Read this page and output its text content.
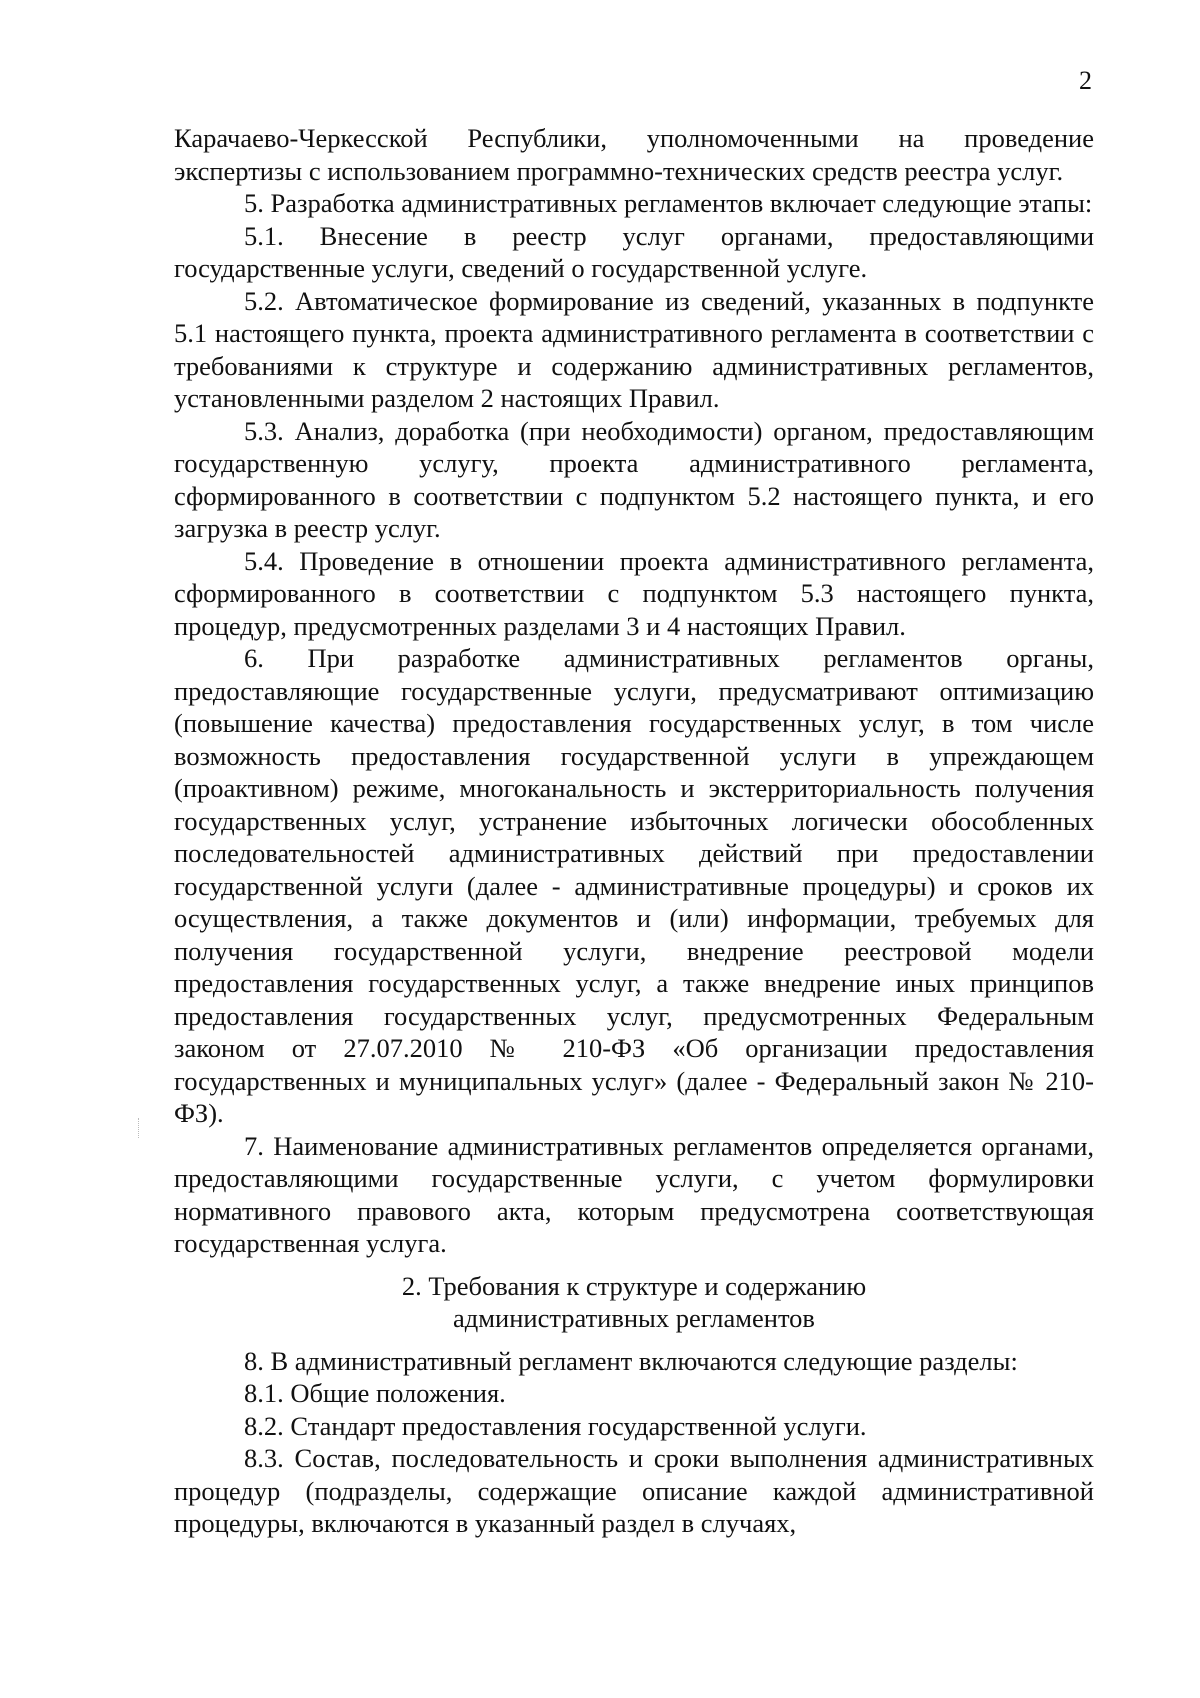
2

Карачаево-Черкесской Республики, уполномоченными на проведение экспертизы с использованием программно-технических средств реестра услуг.

5. Разработка административных регламентов включает следующие этапы:

5.1. Внесение в реестр услуг органами, предоставляющими государственные услуги, сведений о государственной услуге.

5.2. Автоматическое формирование из сведений, указанных в подпункте 5.1 настоящего пункта, проекта административного регламента в соответствии с требованиями к структуре и содержанию административных регламентов, установленными разделом 2 настоящих Правил.

5.3. Анализ, доработка (при необходимости) органом, предоставляющим государственную услугу, проекта административного регламента, сформированного в соответствии с подпунктом 5.2 настоящего пункта, и его загрузка в реестр услуг.

5.4. Проведение в отношении проекта административного регламента, сформированного в соответствии с подпунктом 5.3 настоящего пункта, процедур, предусмотренных разделами 3 и 4 настоящих Правил.

6. При разработке административных регламентов органы, предоставляющие государственные услуги, предусматривают оптимизацию (повышение качества) предоставления государственных услуг, в том числе возможность предоставления государственной услуги в упреждающем (проактивном) режиме, многоканальность и экстерриториальность получения государственных услуг, устранение избыточных логически обособленных последовательностей административных действий при предоставлении государственной услуги (далее - административные процедуры) и сроков их осуществления, а также документов и (или) информации, требуемых для получения государственной услуги, внедрение реестровой модели предоставления государственных услуг, а также внедрение иных принципов предоставления государственных услуг, предусмотренных Федеральным законом от 27.07.2010 № 210-ФЗ «Об организации предоставления государственных и муниципальных услуг» (далее - Федеральный закон № 210-ФЗ).

7. Наименование административных регламентов определяется органами, предоставляющими государственные услуги, с учетом формулировки нормативного правового акта, которым предусмотрена соответствующая государственная услуга.

2. Требования к структуре и содержанию
административных регламентов

8. В административный регламент включаются следующие разделы:

8.1. Общие положения.

8.2. Стандарт предоставления государственной услуги.

8.3. Состав, последовательность и сроки выполнения административных процедур (подразделы, содержащие описание каждой административной процедуры, включаются в указанный раздел в случаях,
